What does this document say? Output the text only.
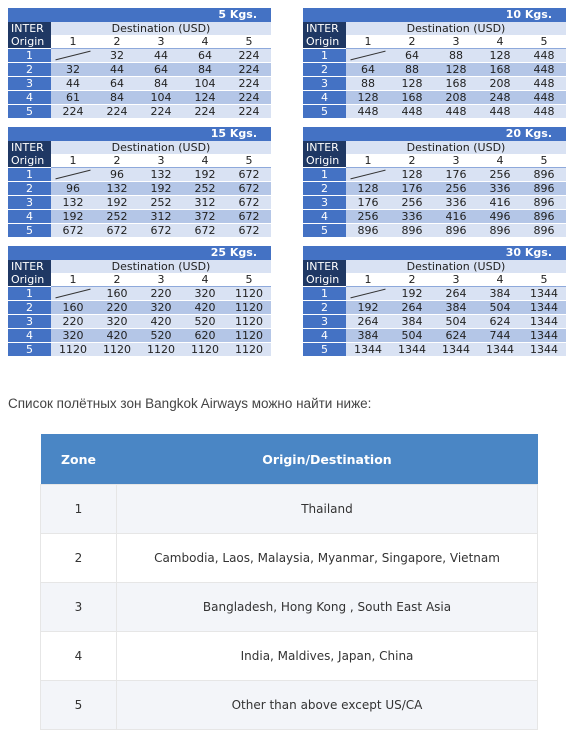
5 Kgs.					
INTER	Destination (USD)				
Origin	1	2	3	4	5
1		32	44	64	224
2	32	44	64	84	224
3	44	64	84	104	224
4	61	84	104	124	224
5	224	224	224	224	224
10 Kgs.					
INTER	Destination (USD)				
Origin	1	2	3	4	5
1		64	88	128	448
2	64	88	128	168	448
3	88	128	168	208	448
4	128	168	208	248	448
5	448	448	448	448	448
15 Kgs.					
INTER	Destination (USD)				
Origin	1	2	3	4	5
1		96	132	192	672
2	96	132	192	252	672
3	132	192	252	312	672
4	192	252	312	372	672
5	672	672	672	672	672
20 Kgs.					
INTER	Destination (USD)				
Origin	1	2	3	4	5
1		128	176	256	896
2	128	176	256	336	896
3	176	256	336	416	896
4	256	336	416	496	896
5	896	896	896	896	896
25 Kgs.					
INTER	Destination (USD)				
Origin	1	2	3	4	5
1		160	220	320	1120
2	160	220	320	420	1120
3	220	320	420	520	1120
4	320	420	520	620	1120
5	1120	1120	1120	1120	1120
30 Kgs.					
INTER	Destination (USD)				
Origin	1	2	3	4	5
1		192	264	384	1344
2	192	264	384	504	1344
3	264	384	504	624	1344
4	384	504	624	744	1344
5	1344	1344	1344	1344	1344
Список полётных зон Bangkok Airways можно найти ниже:
Zone	Origin/Destination
1	Thailand
2	Cambodia, Laos, Malaysia, Myanmar, Singapore, Vietnam
3	Bangladesh, Hong Kong , South East Asia
4	India, Maldives, Japan, China
5	Other than above except US/CA
